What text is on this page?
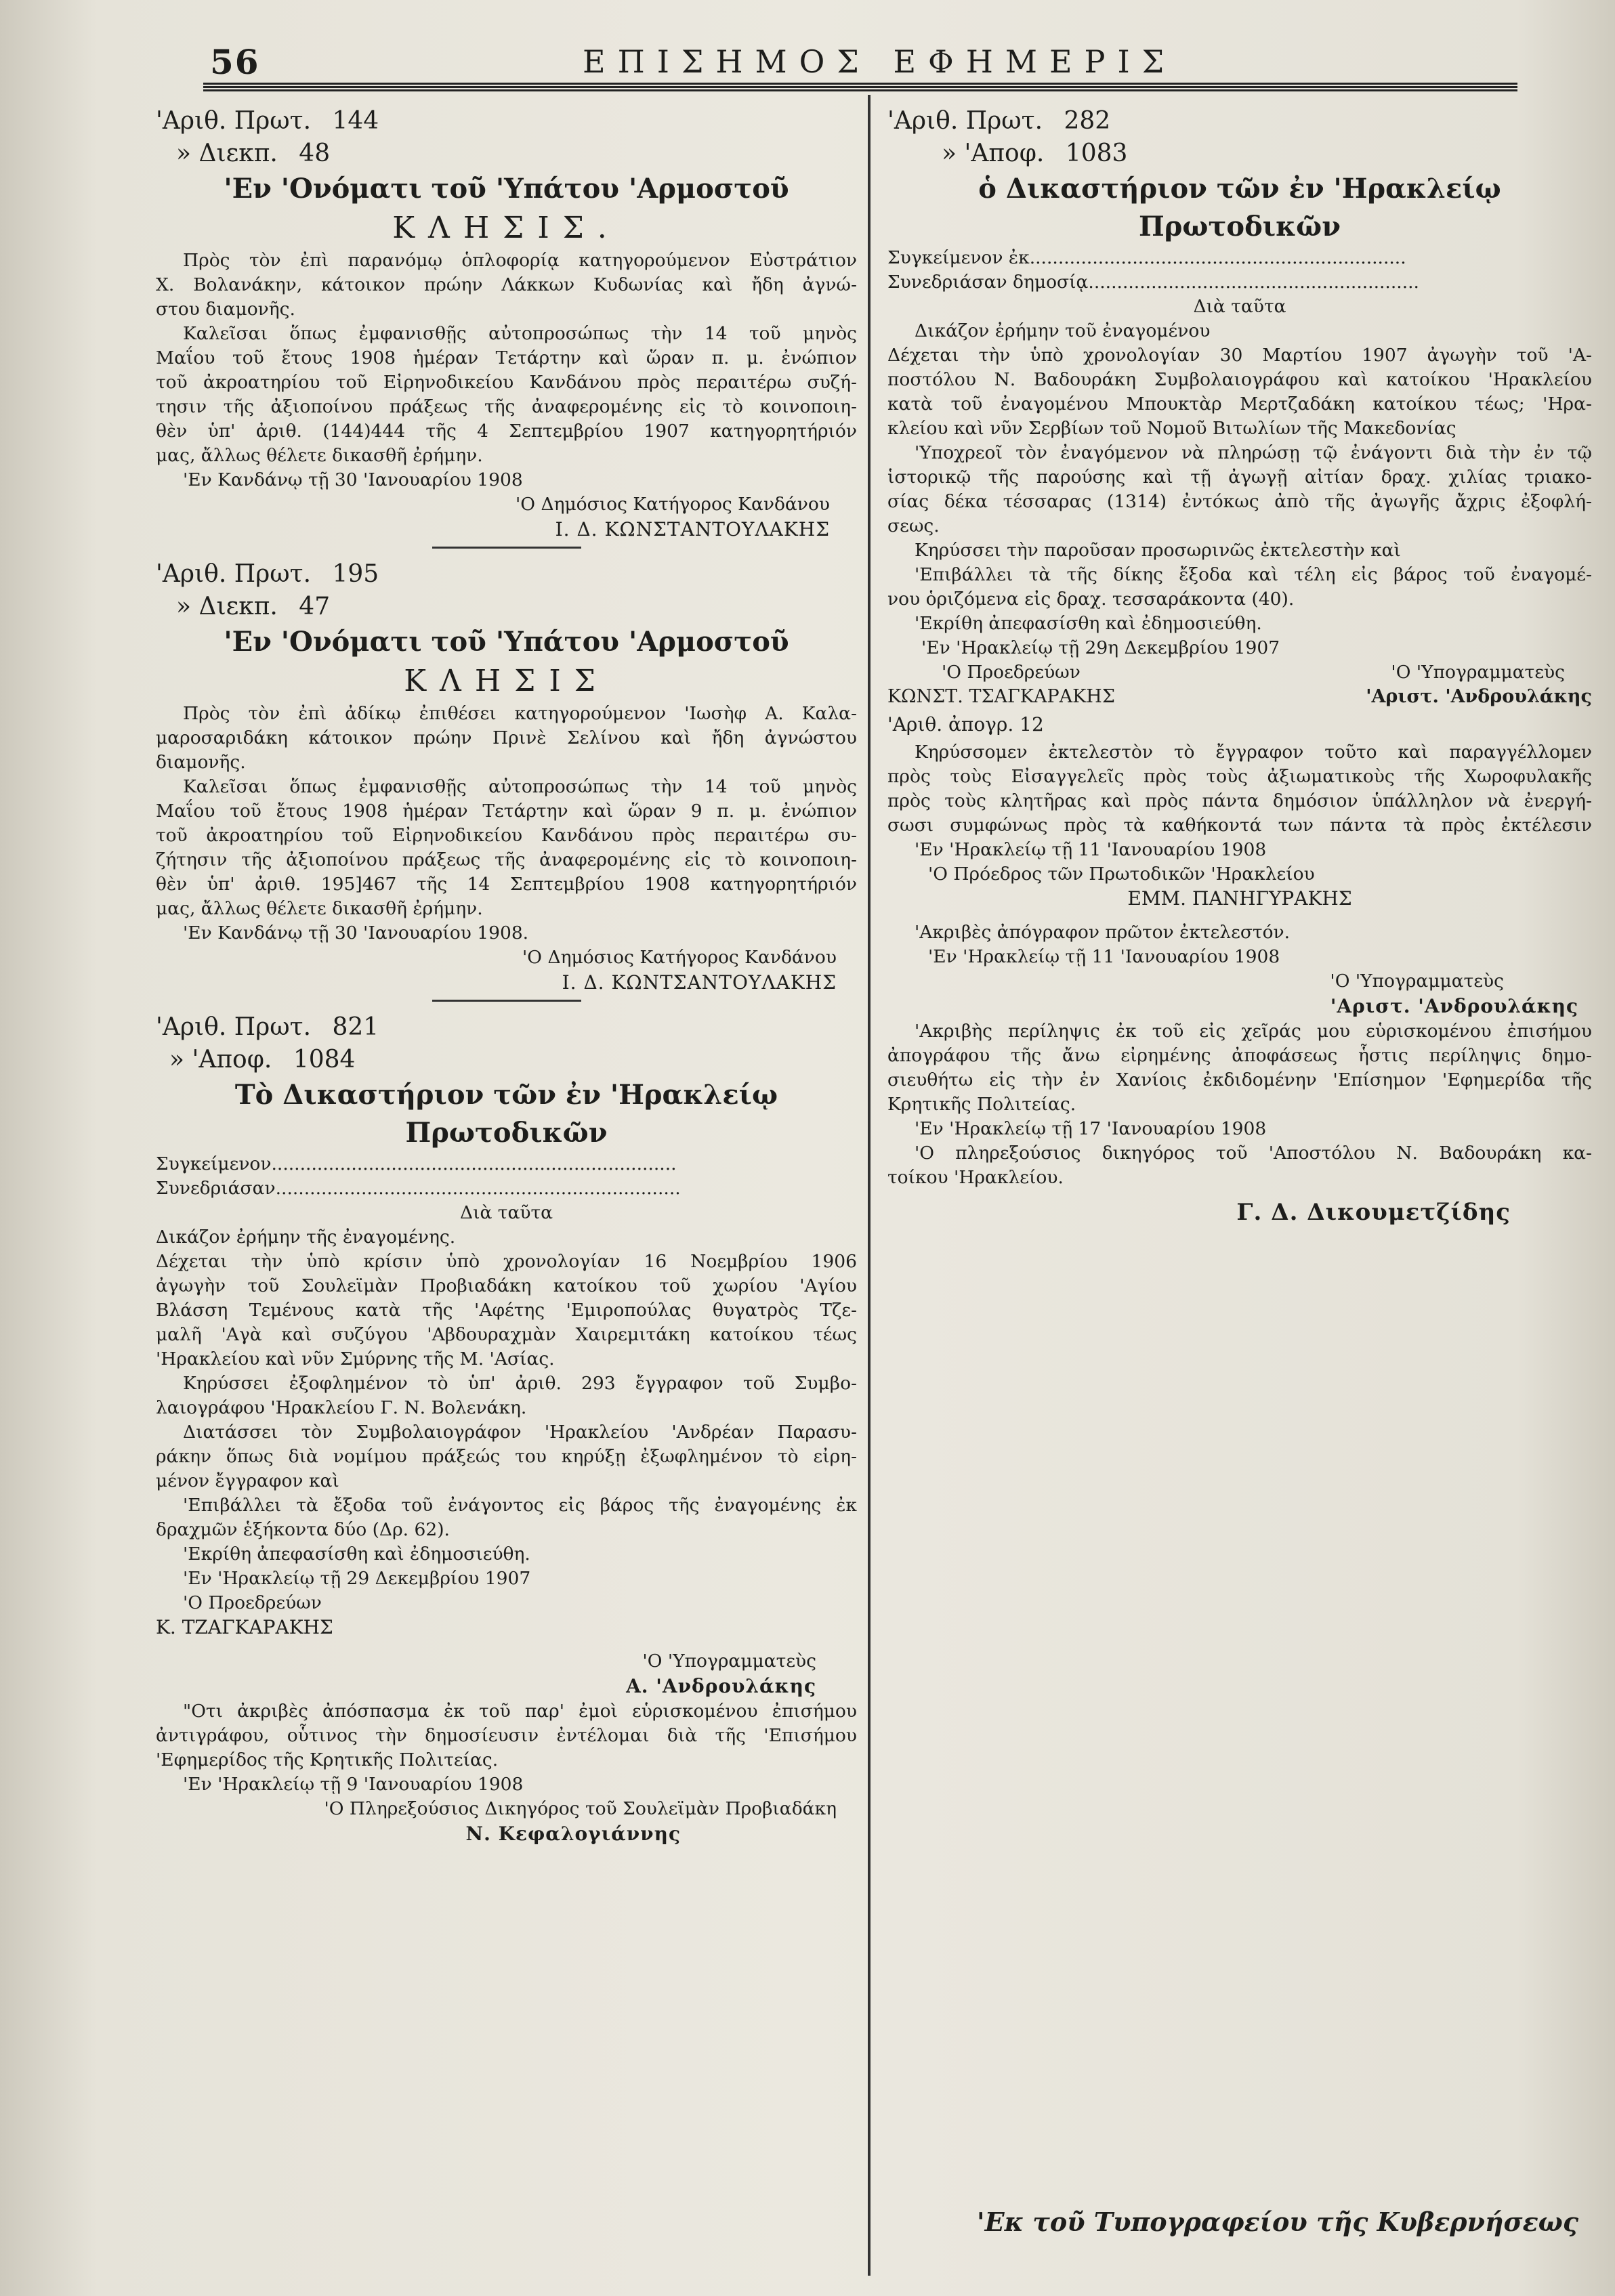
56	ΕΠΙΣΗΜΟΣ ΕΦΗΜΕΡΙΣ
'Αριθ. Πρωτ. 144
» Διεκπ. 48
'Εν 'Ονόματι τοῦ 'Υπάτου 'Αρμοστοῦ
ΚΛΗΣΙΣ.
Πρὸς τὸν ἐπὶ παρανόμῳ ὁπλοφορίᾳ κατηγορούμενον Εὐστράτιον
Χ. Βολανάκην, κάτοικον πρώην Λάκκων Κυδωνίας καὶ ἤδη ἀγνώ-
στου διαμονῆς.
Καλεῖσαι ὅπως ἐμφανισθῇς αὐτοπροσώπως τὴν 14 τοῦ μηνὸς
Μαΐου τοῦ ἔτους 1908 ἡμέραν Τετάρτην καὶ ὥραν π. μ. ἐνώπιον
τοῦ ἀκροατηρίου τοῦ Εἰρηνοδικείου Κανδάνου πρὸς περαιτέρω συζή-
τησιν τῆς ἀξιοποίνου πράξεως τῆς ἀναφερομένης εἰς τὸ κοινοποιη-
θὲν ὑπ' ἀριθ. (144)444 τῆς 4 Σεπτεμβρίου 1907 κατηγορητήριόν
μας, ἄλλως θέλετε δικασθῆ ἐρήμην.
'Εν Κανδάνῳ τῇ 30 'Ιανουαρίου 1908
'Ο Δημόσιος Κατήγορος Κανδάνου
Ι. Δ. ΚΩΝΣΤΑΝΤΟΥΛΑΚΗΣ
'Αριθ. Πρωτ. 195
» Διεκπ. 47
'Εν 'Ονόματι τοῦ 'Υπάτου 'Αρμοστοῦ
ΚΛΗΣΙΣ
Πρὸς τὸν ἐπὶ ἀδίκῳ ἐπιθέσει κατηγορούμενον 'Ιωσὴφ Α. Καλα-
μαροσαριδάκη κάτοικον πρώην Πρινὲ Σελίνου καὶ ἤδη ἀγνώστου
διαμονῆς.
Καλεῖσαι ὅπως ἐμφανισθῇς αὐτοπροσώπως τὴν 14 τοῦ μηνὸς
Μαΐου τοῦ ἔτους 1908 ἡμέραν Τετάρτην καὶ ὥραν 9 π. μ. ἐνώπιον
τοῦ ἀκροατηρίου τοῦ Εἰρηνοδικείου Κανδάνου πρὸς περαιτέρω συ-
ζήτησιν τῆς ἀξιοποίνου πράξεως τῆς ἀναφερομένης εἰς τὸ κοινοποιη-
θὲν ὑπ' ἀριθ. 195]467 τῆς 14 Σεπτεμβρίου 1908 κατηγορητήριόν
μας, ἄλλως θέλετε δικασθῆ ἐρήμην.
'Εν Κανδάνῳ τῇ 30 'Ιανουαρίου 1908.
'Ο Δημόσιος Κατήγορος Κανδάνου
Ι. Δ. ΚΩΝΤΣΑΝΤΟΥΛΑΚΗΣ
'Αριθ. Πρωτ. 821
» 'Αποφ. 1084
Τὸ Δικαστήριον τῶν ἐν 'Ηρακλείῳ
Πρωτοδικῶν
Συγκείμενον.......................................................................
Συνεδριάσαν.......................................................................
Διὰ ταῦτα
Δικάζον ἐρήμην τῆς ἐναγομένης.
Δέχεται τὴν ὑπὸ κρίσιν ὑπὸ χρονολογίαν 16 Νοεμβρίου 1906
ἀγωγὴν τοῦ Σουλεϊμὰν Προβιαδάκη κατοίκου τοῦ χωρίου 'Αγίου
Βλάσση Τεμένους κατὰ τῆς 'Αφέτης 'Εμιροπούλας θυγατρὸς Τζε-
μαλῆ 'Αγὰ καὶ συζύγου 'Αβδουραχμὰν Χαιρεμιτάκη κατοίκου τέως
'Ηρακλείου καὶ νῦν Σμύρνης τῆς Μ. 'Ασίας.
Κηρύσσει ἐξοφλημένον τὸ ὑπ' ἀριθ. 293 ἔγγραφον τοῦ Συμβο-
λαιογράφου 'Ηρακλείου Γ. Ν. Βολενάκη.
Διατάσσει τὸν Συμβολαιογράφον 'Ηρακλείου 'Ανδρέαν Παρασυ-
ράκην ὅπως διὰ νομίμου πράξεώς του κηρύξῃ ἐξωφλημένον τὸ εἰρη-
μένον ἔγγραφον καὶ
'Επιβάλλει τὰ ἔξοδα τοῦ ἐνάγοντος εἰς βάρος τῆς ἐναγομένης ἐκ
δραχμῶν ἑξήκοντα δύο (Δρ. 62).
'Εκρίθη ἀπεφασίσθη καὶ ἐδημοσιεύθη.
'Εν 'Ηρακλείῳ τῇ 29 Δεκεμβρίου 1907
'Ο Προεδρεύων
Κ. ΤΖΑΓΚΑΡΑΚΗΣ
'Ο 'Υπογραμματεὺς
Α. 'Ανδρουλάκης
"Οτι ἀκριβὲς ἀπόσπασμα ἐκ τοῦ παρ' ἐμοὶ εὑρισκομένου ἐπισήμου
ἀντιγράφου, οὗτινος τὴν δημοσίευσιν ἐντέλομαι διὰ τῆς 'Επισήμου
'Εφημερίδος τῆς Κρητικῆς Πολιτείας.
'Εν 'Ηρακλείῳ τῇ 9 'Ιανουαρίου 1908
'Ο Πληρεξούσιος Δικηγόρος τοῦ Σουλεϊμὰν Προβιαδάκη
Ν. Κεφαλογιάννης
'Αριθ. Πρωτ. 282
» 'Αποφ. 1083
ὁ Δικαστήριον τῶν ἐν 'Ηρακλείῳ
Πρωτοδικῶν
Συγκείμενον ἐκ..................................................................
Συνεδριάσαν δημοσίᾳ..........................................................
Διὰ ταῦτα
Δικάζον ἐρήμην τοῦ ἐναγομένου
Δέχεται τὴν ὑπὸ χρονολογίαν 30 Μαρτίου 1907 ἀγωγὴν τοῦ 'Α-
ποστόλου Ν. Βαδουράκη Συμβολαιογράφου καὶ κατοίκου 'Ηρακλείου
κατὰ τοῦ ἐναγομένου Μπουκτὰρ Μερτζαδάκη κατοίκου τέως; 'Ηρα-
κλείου καὶ νῦν Σερβίων τοῦ Νομοῦ Βιτωλίων τῆς Μακεδονίας
'Υποχρεοῖ τὸν ἐναγόμενον νὰ πληρώσῃ τῷ ἐνάγοντι διὰ τὴν ἐν τῷ
ἱστορικῷ τῆς παρούσης καὶ τῇ ἀγωγῇ αἰτίαν δραχ. χιλίας τριακο-
σίας δέκα τέσσαρας (1314) ἐντόκως ἀπὸ τῆς ἀγωγῆς ἄχρις ἐξοφλή-
σεως.
Κηρύσσει τὴν παροῦσαν προσωρινῶς ἐκτελεστὴν καὶ
'Επιβάλλει τὰ τῆς δίκης ἔξοδα καὶ τέλη εἰς βάρος τοῦ ἐναγομέ-
νου ὁριζόμενα εἰς δραχ. τεσσαράκοντα (40).
'Εκρίθη ἀπεφασίσθη καὶ ἐδημοσιεύθη.
'Εν 'Ηρακλείῳ τῇ 29η Δεκεμβρίου 1907
'Ο Προεδρεύων	'Ο 'Υπογραμματεὺς
ΚΩΝΣΤ. ΤΣΑΓΚΑΡΑΚΗΣ	'Αριστ. 'Ανδρουλάκης
'Αριθ. ἀπογρ. 12
Κηρύσσομεν ἐκτελεστὸν τὸ ἔγγραφον τοῦτο καὶ παραγγέλλομεν
πρὸς τοὺς Εἰσαγγελεῖς πρὸς τοὺς ἀξιωματικοὺς τῆς Χωροφυλακῆς
πρὸς τοὺς κλητῆρας καὶ πρὸς πάντα δημόσιον ὑπάλληλον νὰ ἐνεργή-
σωσι συμφώνως πρὸς τὰ καθήκοντά των πάντα τὰ πρὸς ἐκτέλεσιν
'Εν 'Ηρακλείῳ τῇ 11 'Ιανουαρίου 1908
'Ο Πρόεδρος τῶν Πρωτοδικῶν 'Ηρακλείου
ΕΜΜ. ΠΑΝΗΓΥΡΑΚΗΣ
'Ακριβὲς ἀπόγραφον πρῶτον ἐκτελεστόν.
'Εν 'Ηρακλείῳ τῇ 11 'Ιανουαρίου 1908
'Ο 'Υπογραμματεὺς
'Αριστ. 'Ανδρουλάκης
'Ακριβὴς περίληψις ἐκ τοῦ εἰς χεῖράς μου εὑρισκομένου ἐπισήμου
ἀπογράφου τῆς ἄνω εἰρημένης ἀποφάσεως ἧστις περίληψις δημο-
σιευθήτω εἰς τὴν ἐν Χανίοις ἐκδιδομένην 'Επίσημον 'Εφημερίδα τῆς
Κρητικῆς Πολιτείας.
'Εν 'Ηρακλείῳ τῇ 17 'Ιανουαρίου 1908
'Ο πληρεξούσιος δικηγόρος τοῦ 'Αποστόλου Ν. Βαδουράκη κα-
τοίκου 'Ηρακλείου.
Γ. Δ. Δικουμετζίδης
'Εκ τοῦ Τυπογραφείου τῆς Κυβερνήσεως
